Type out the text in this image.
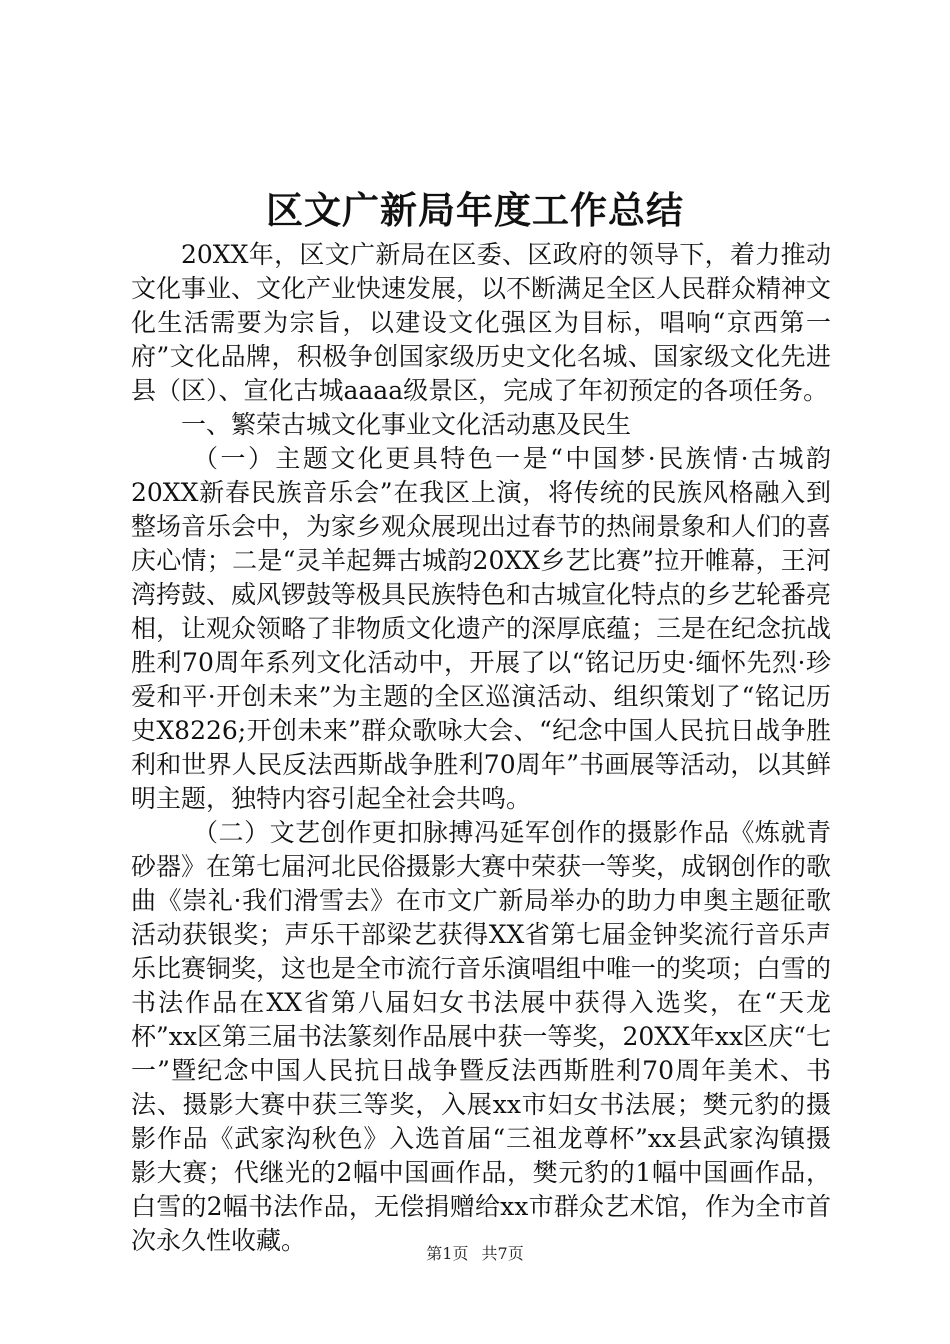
区文广新局年度工作总结

20XX年，区文广新局在区委、区政府的领导下，着力推动文化事业、文化产业快速发展，以不断满足全区人民群众精神文化生活需要为宗旨，以建设文化强区为目标，唱响“京西第一府”文化品牌，积极争创国家级历史文化名城、国家级文化先进县（区）、宣化古城aaaa级景区，完成了年初预定的各项任务。

一、繁荣古城文化事业文化活动惠及民生

（一）主题文化更具特色一是“中国梦·民族情·古城韵20XX新春民族音乐会”在我区上演，将传统的民族风格融入到整场音乐会中，为家乡观众展现出过春节的热闹景象和人们的喜庆心情；二是“灵羊起舞古城韵20XX乡艺比赛”拉开帷幕，王河湾挎鼓、威风锣鼓等极具民族特色和古城宣化特点的乡艺轮番亮相，让观众领略了非物质文化遗产的深厚底蕴；三是在纪念抗战胜利70周年系列文化活动中，开展了以“铭记历史·缅怀先烈·珍爱和平·开创未来”为主题的全区巡演活动、组织策划了“铭记历史X8226;开创未来”群众歌咏大会、“纪念中国人民抗日战争胜利和世界人民反法西斯战争胜利70周年”书画展等活动，以其鲜明主题，独特内容引起全社会共鸣。

（二）文艺创作更扣脉搏冯延军创作的摄影作品《炼就青砂器》在第七届河北民俗摄影大赛中荣获一等奖，成钢创作的歌曲《崇礼·我们滑雪去》在市文广新局举办的助力申奥主题征歌活动获银奖；声乐干部梁艺获得XX省第七届金钟奖流行音乐声乐比赛铜奖，这也是全市流行音乐演唱组中唯一的奖项；白雪的书法作品在XX省第八届妇女书法展中获得入选奖，在“天龙杯”xx区第三届书法篆刻作品展中获一等奖，20XX年xx区庆“七一”暨纪念中国人民抗日战争暨反法西斯胜利70周年美术、书法、摄影大赛中获三等奖，入展xx市妇女书法展；樊元豹的摄影作品《武家沟秋色》入选首届“三祖龙尊杯”xx县武家沟镇摄影大赛；代继光的2幅中国画作品，樊元豹的1幅中国画作品，白雪的2幅书法作品，无偿捐赠给xx市群众艺术馆，作为全市首次永久性收藏。	第1页 共7页
